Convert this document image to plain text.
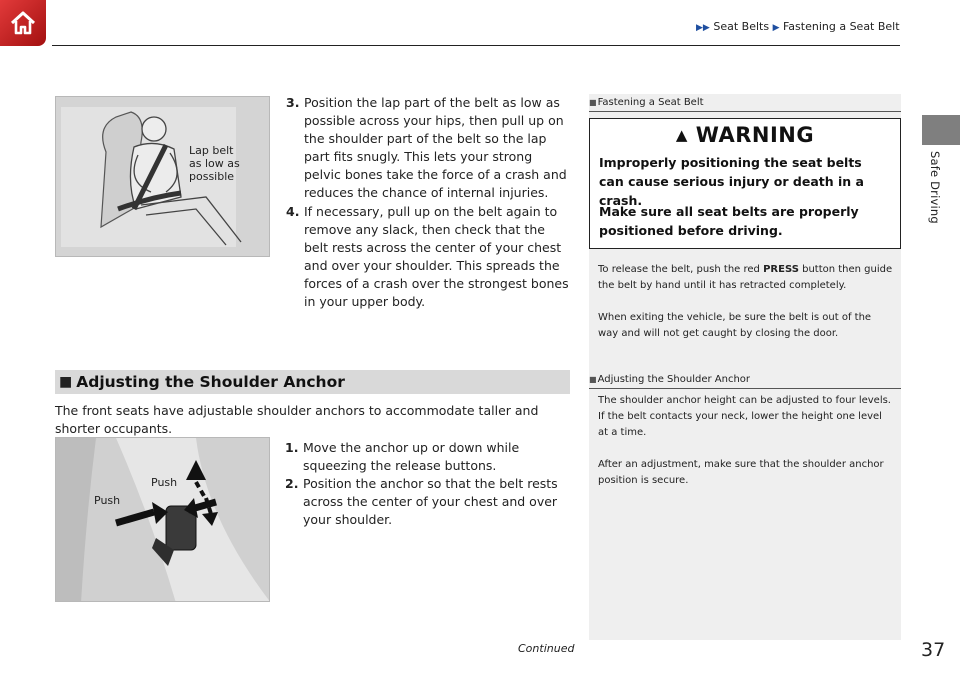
▶▶ Seat Belts ▶ Fastening a Seat Belt
Safe Driving
Lap belt
as low as
possible
3. Position the lap part of the belt as low as possible across your hips, then pull up on the shoulder part of the belt so the lap part fits snugly. This lets your strong pelvic bones take the force of a crash and reduces the chance of internal injuries.
4. If necessary, pull up on the belt again to remove any slack, then check that the belt rests across the center of your chest and over your shoulder. This spreads the forces of a crash over the strongest bones in your upper body.
■ Adjusting the Shoulder Anchor
The front seats have adjustable shoulder anchors to accommodate taller and shorter occupants.
Push
Push
1. Move the anchor up or down while squeezing the release buttons.
2. Position the anchor so that the belt rests across the center of your chest and over your shoulder.
■Fastening a Seat Belt
▲ WARNING
Improperly positioning the seat belts can cause serious injury or death in a crash.
Make sure all seat belts are properly positioned before driving.
To release the belt, push the red PRESS button then guide the belt by hand until it has retracted completely.
When exiting the vehicle, be sure the belt is out of the way and will not get caught by closing the door.
■Adjusting the Shoulder Anchor
The shoulder anchor height can be adjusted to four levels. If the belt contacts your neck, lower the height one level at a time.
After an adjustment, make sure that the shoulder anchor position is secure.
Continued	37
